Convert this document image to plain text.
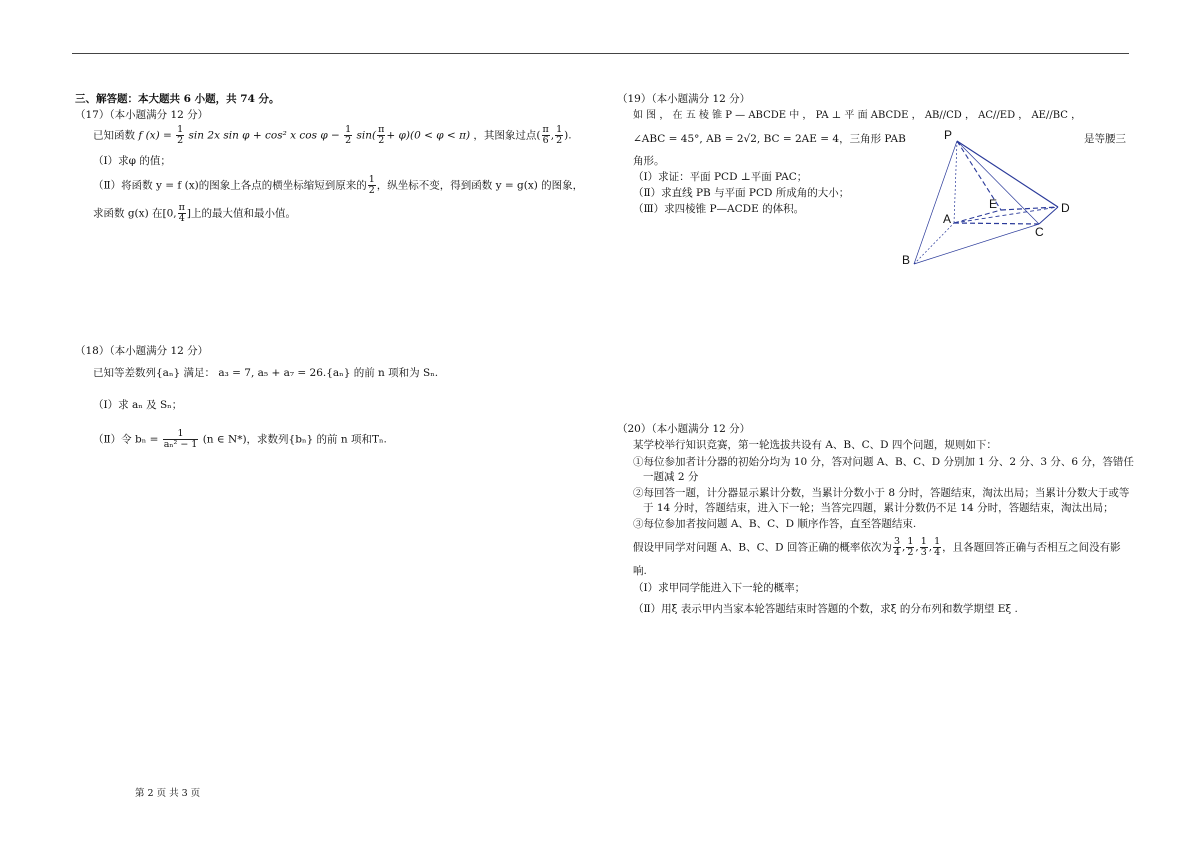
三、解答题：本大题共 6 小题，共 74 分。
（17）（本小题满分 12 分）
已知函数 f $(x) = \frac{1}{2}$ sin 2x sin φ + cos² x $\cos \varphi - \frac{1}{2} \sin( \frac{\pi}{2} + \varphi)(0 < \varphi < \pi)$ ，其图象过点( $\frac{\pi}{6}$ , $\frac{1}{2}$ ).
（Ⅰ）求φ 的值；
（Ⅱ）将函数 y = f (x)的图象上各点的横坐标缩短到原来的 $\frac{1}{2}$ ，纵坐标不变，得到函数 y = g(x) 的图象，
求函数 g(x) 在[0, $\frac{\pi}{4}$ ]上的最大值和最小值。
（18）（本小题满分 12 分）
已知等差数列{aₙ} 满足： a₃ = 7, a₅ + a₇ = 26.{aₙ} 的前 n 项和为 Sₙ.
（Ⅰ）求 aₙ 及 Sₙ；
（Ⅱ）令 $b_n = \frac{1}{\text{aₙ² − 1}} (n$ ∈ N*)，求数列{bₙ} 的前 n 项和Tₙ.
（19）（本小题满分 12 分）
如 图 ， 在 五 棱 锥 P — ABCDE 中 ， PA ⊥ 平 面 ABCDE ， AB//CD ， AC//ED ， AE//BC ，
∠ABC = 45°, AB = 2√2, BC = 2AE = 4，三角形 PAB	是等腰三
角形。
（Ⅰ）求证：平面 PCD ⊥平面 PAC；
（Ⅱ）求直线 PB 与平面 PCD 所成角的大小；
（Ⅲ）求四棱锥 P—ACDE 的体积。
P
E	D
A
C
B
（20）（本小题满分 12 分）
某学校举行知识竞赛，第一轮选拔共设有 A、B、C、D 四个问题，规则如下：
①每位参加者计分器的初始分均为 10 分，答对问题 A、B、C、D 分别加 1 分、2 分、3 分、6 分，答错任
一题减 2 分
②每回答一题，计分器显示累计分数，当累计分数小于 8 分时，答题结束，淘汰出局；当累计分数大于或等
于 14 分时，答题结束，进入下一轮；当答完四题，累计分数仍不足 14 分时，答题结束，淘汰出局；
③每位参加者按问题 A、B、C、D 顺序作答，直至答题结束.
假设甲同学对问题 A、B、C、D 回答正确的概率依次为 $\frac{3}{4}$ , $\frac{1}{2}$ , $\frac{1}{3}$ , $\frac{1}{4}$ ，且各题回答正确与否相互之间没有影
响.
（Ⅰ）求甲同学能进入下一轮的概率；
（Ⅱ）用ξ 表示甲内当家本轮答题结束时答题的个数，求ξ 的分布列和数学期望 Eξ .
第 2 页 共 3 页
